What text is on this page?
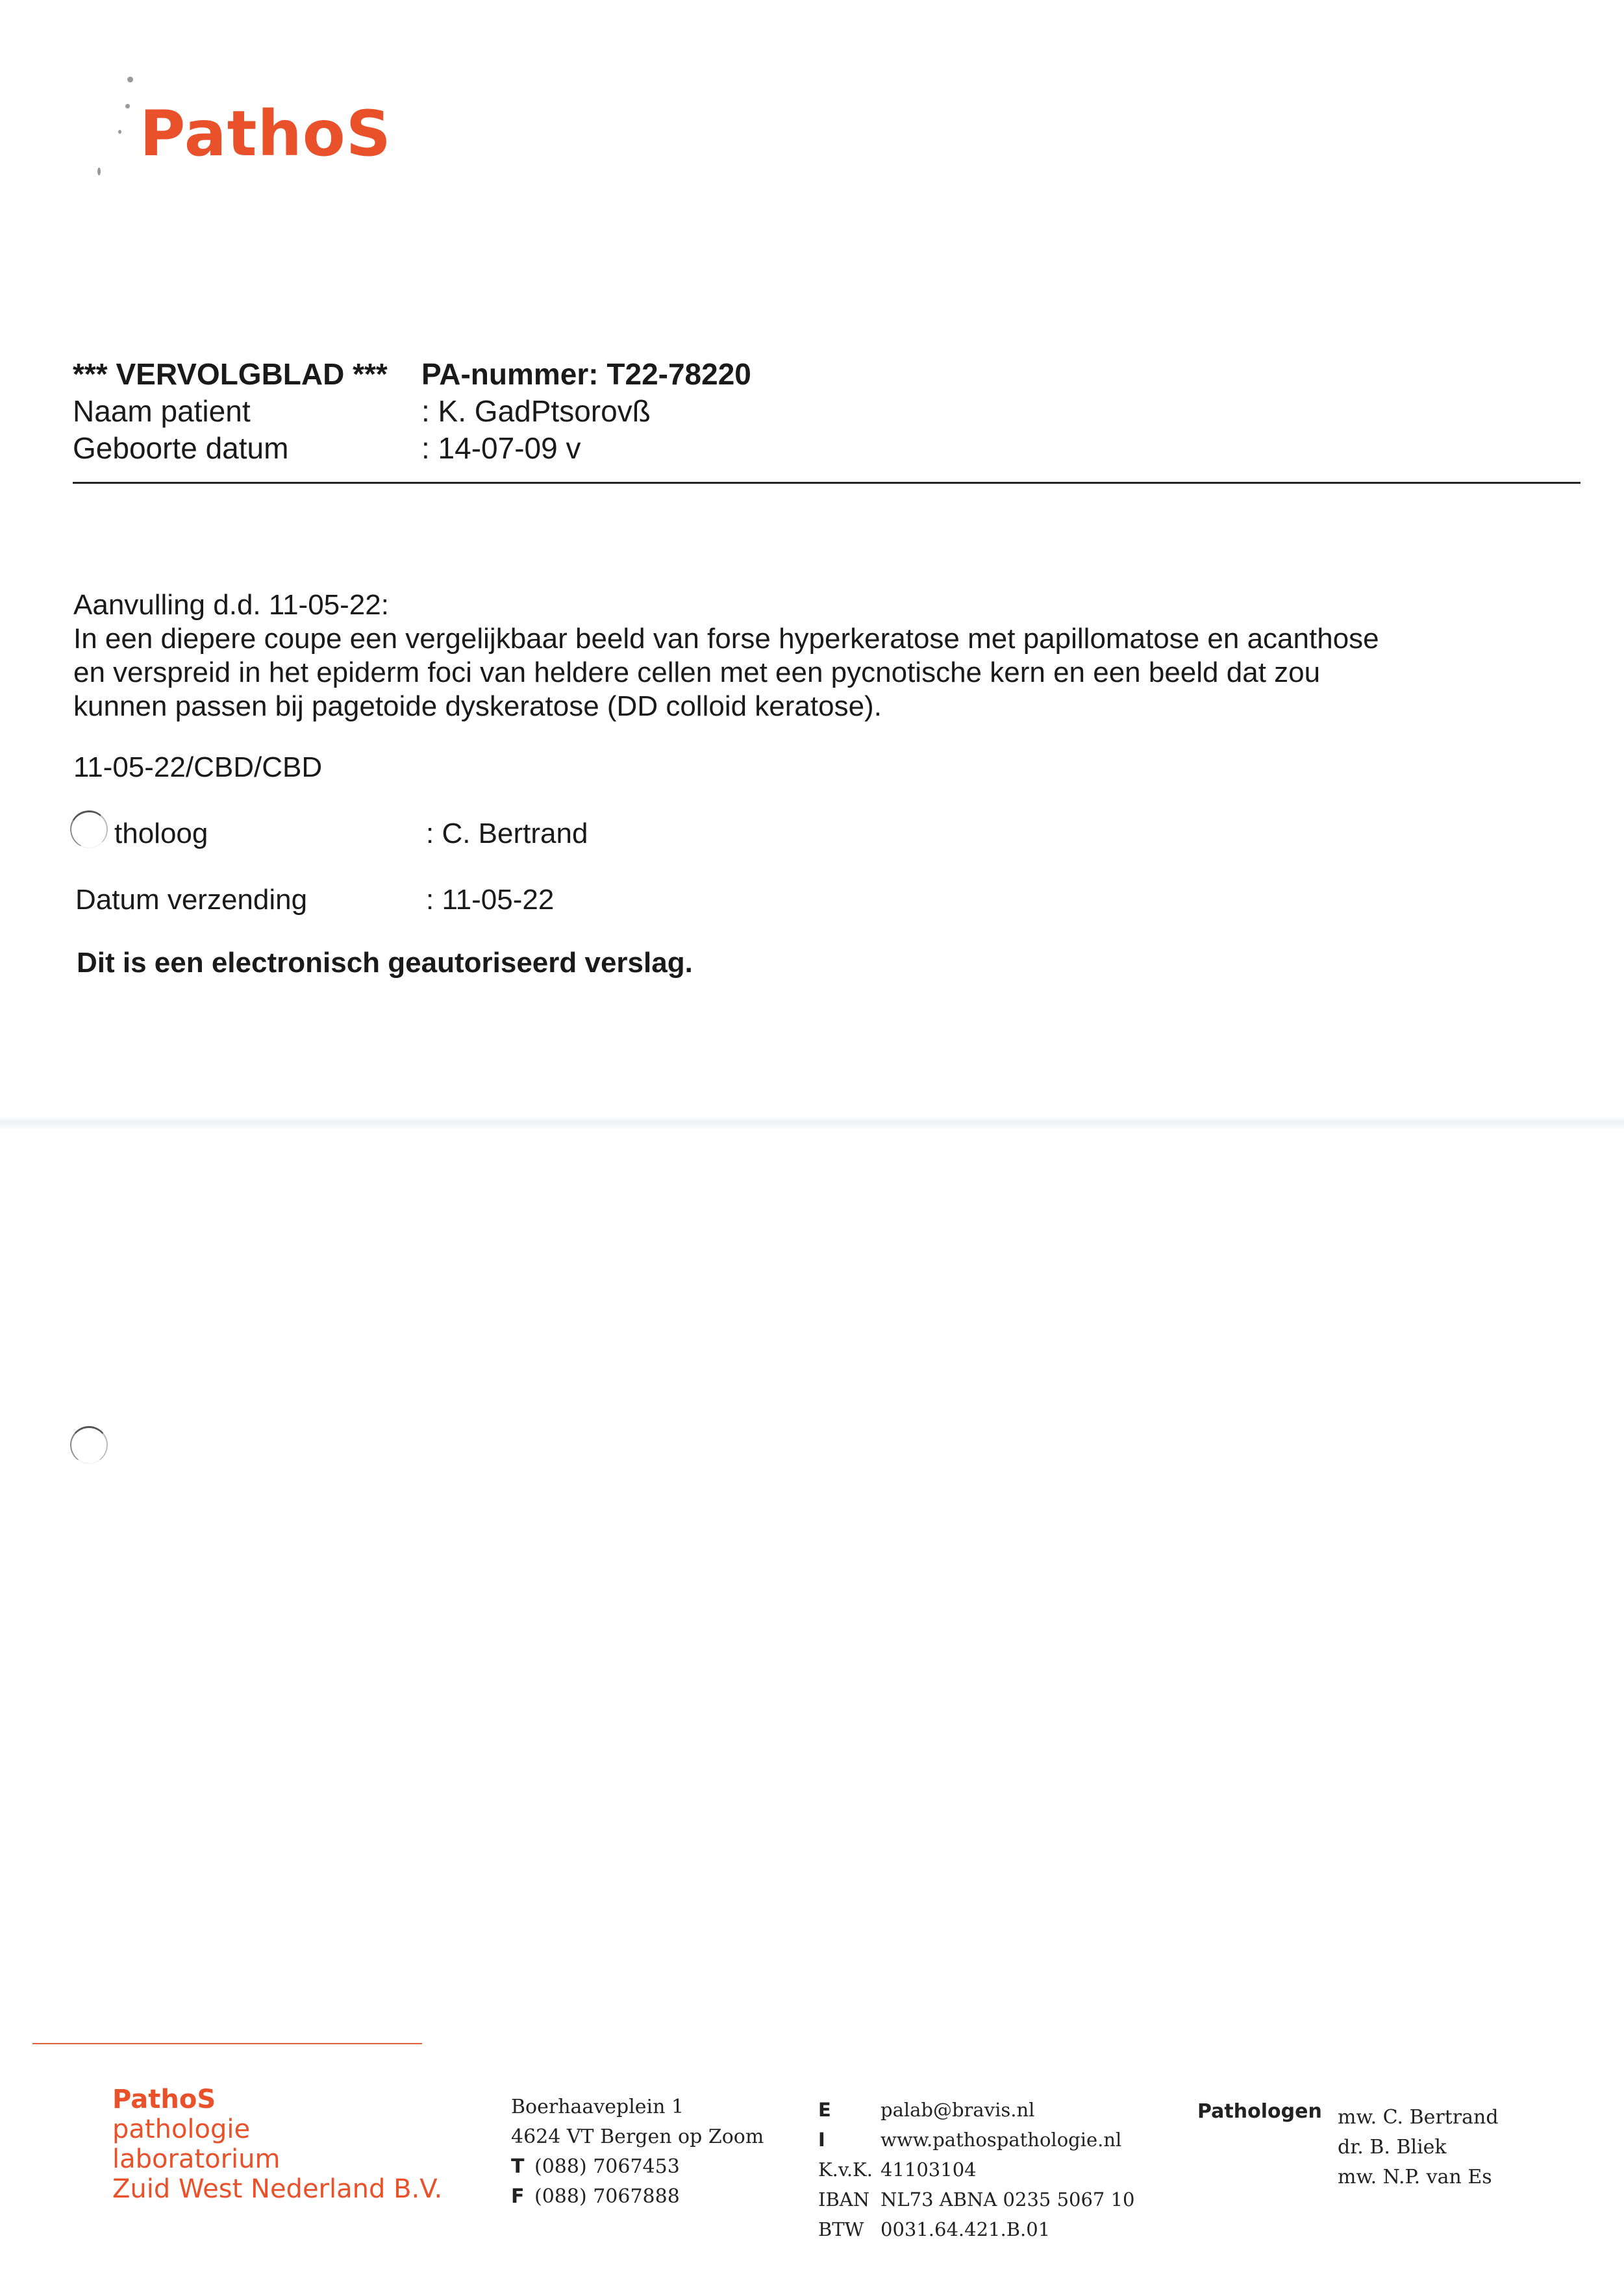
PathoS
*** VERVOLGBLAD ***	PA-nummer: T22-78220
Naam patient	: K. GadPtsorovß
Geboorte datum	: 14-07-09 v

Aanvulling d.d. 11-05-22:

In een diepere coupe een vergelijkbaar beeld van forse hyperkeratose met papillomatose en acanthose

en verspreid in het epiderm foci van heldere cellen met een pycnotische kern en een beeld dat zou

kunnen passen bij pagetoide dyskeratose (DD colloid keratose).

11-05-22/CBD/CBD
tholoog	: C. Bertrand
Datum verzending	: 11-05-22
Dit is een electronisch geautoriseerd verslag.
PathoS
pathologie
laboratorium
Zuid West Nederland B.V.
Boerhaaveplein 1
4624 VT Bergen op Zoom
T (088) 7067453
F (088) 7067888
E	palab@bravis.nl
I	www.pathospathologie.nl
K.v.K. 41103104
IBAN NL73 ABNA 0235 5067 10
BTW 0031.64.421.B.01
Pathologen mw. C. Bertrand
dr. B. Bliek
mw. N.P. van Es
